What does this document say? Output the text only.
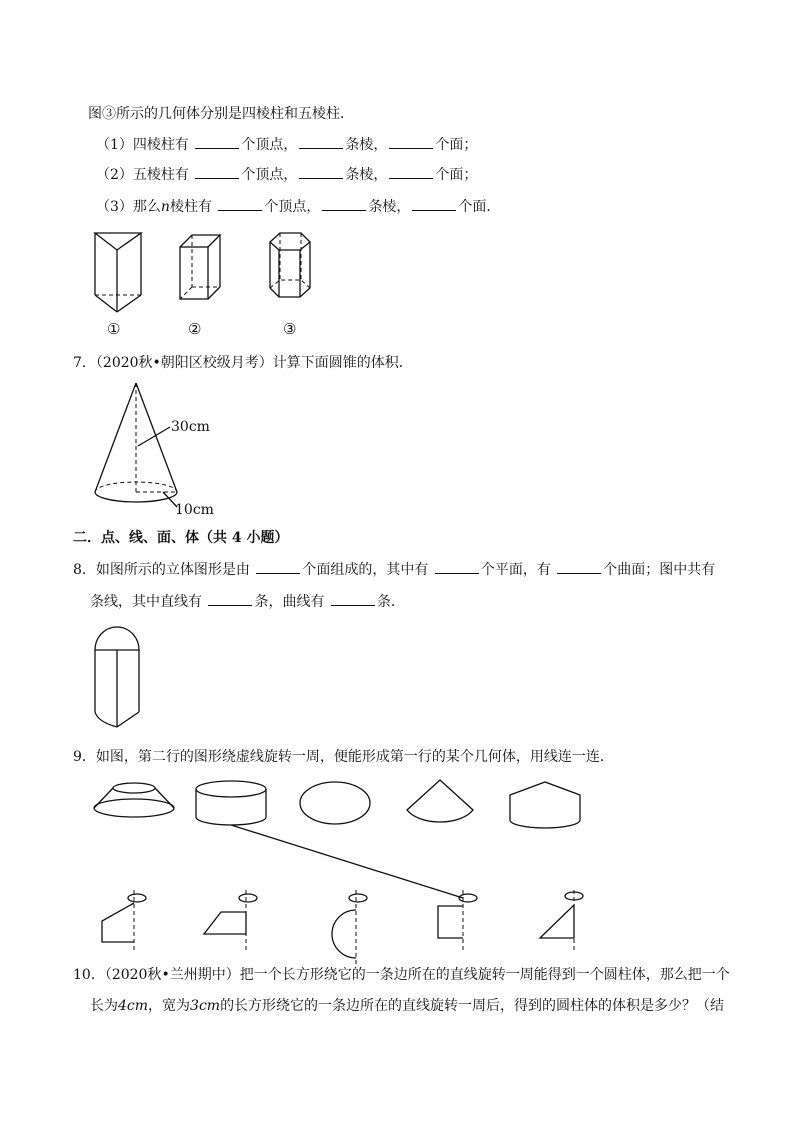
图③所示的几何体分别是四棱柱和五棱柱．
（1）四棱柱有	个顶点，	条棱，	个面；
（2）五棱柱有	个顶点，	条棱，	个面；
（3）那么n棱柱有	个顶点，	条棱，	个面．
①	②	③
7．（2020秋•朝阳区校级月考）计算下面圆锥的体积．
30cm
10cm
二．点、线、面、体（共 4 小题）
8．如图所示的立体图形是由	个面组成的，其中有	个平面，有	个曲面；图中共有
条线，其中直线有	条，曲线有	条．
9．如图，第二行的图形绕虚线旋转一周，便能形成第一行的某个几何体，用线连一连．
10．（2020秋•兰州期中）把一个长方形绕它的一条边所在的直线旋转一周能得到一个圆柱体，那么把一个
长为4cm，宽为3cm的长方形绕它的一条边所在的直线旋转一周后，得到的圆柱体的体积是多少？（结
